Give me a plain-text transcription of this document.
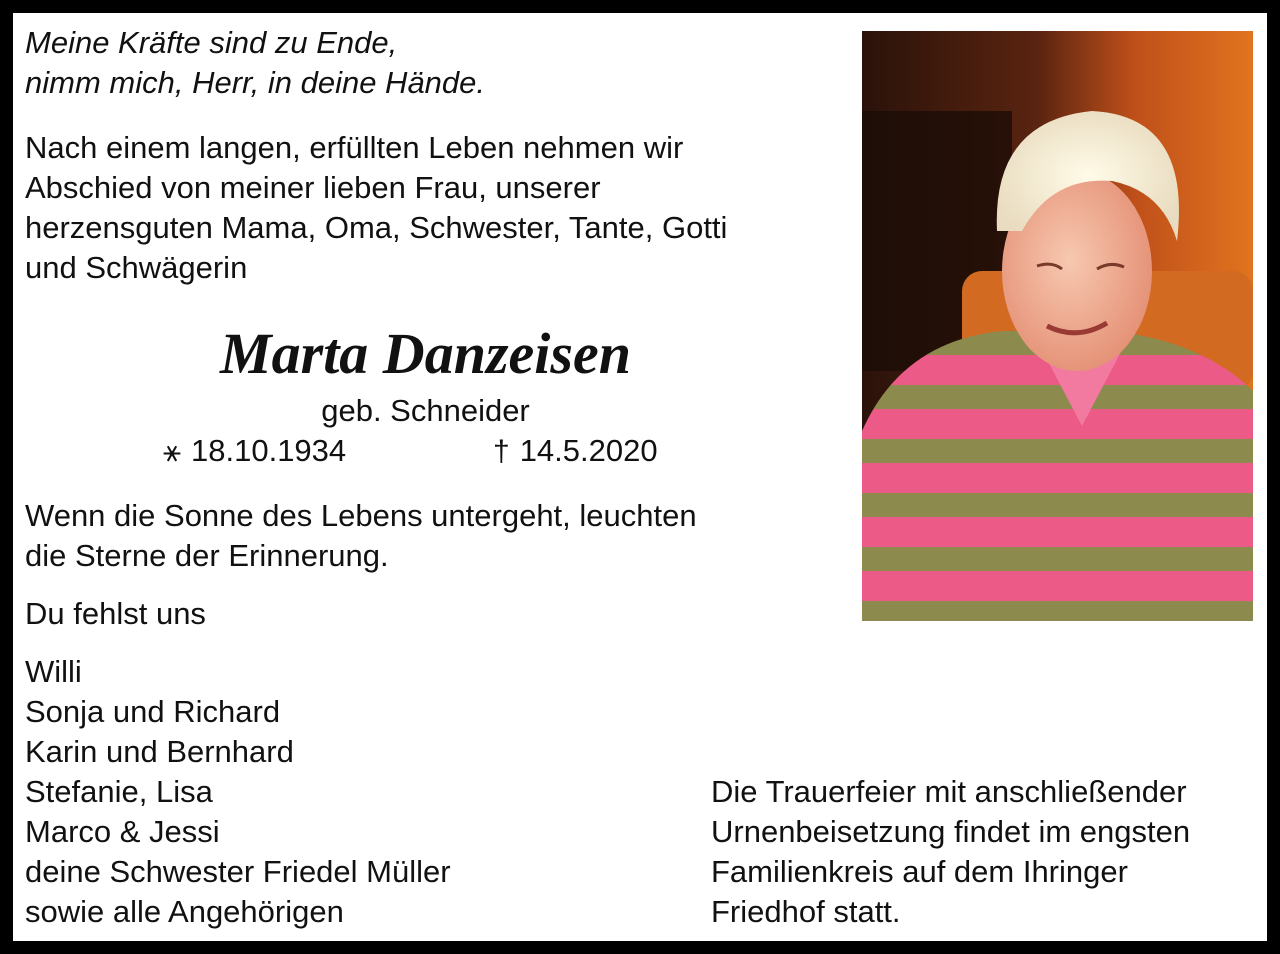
Meine Kräfte sind zu Ende,
nimm mich, Herr, in deine Hände.

Nach einem langen, erfüllten Leben nehmen wir
Abschied von meiner lieben Frau, unserer
herzensguten Mama, Oma, Schwester, Tante, Gotti
und Schwägerin

Marta Danzeisen

geb. Schneider

⚹ 18.10.1934	† 14.5.2020

Wenn die Sonne des Lebens untergeht, leuchten
die Sterne der Erinnerung.

Du fehlst uns

Willi
Sonja und Richard
Karin und Bernhard
Stefanie, Lisa
Marco & Jessi
deine Schwester Friedel Müller
sowie alle Angehörigen

Die Trauerfeier mit anschließender
Urnenbeisetzung findet im engsten
Familienkreis auf dem Ihringer
Friedhof statt.
